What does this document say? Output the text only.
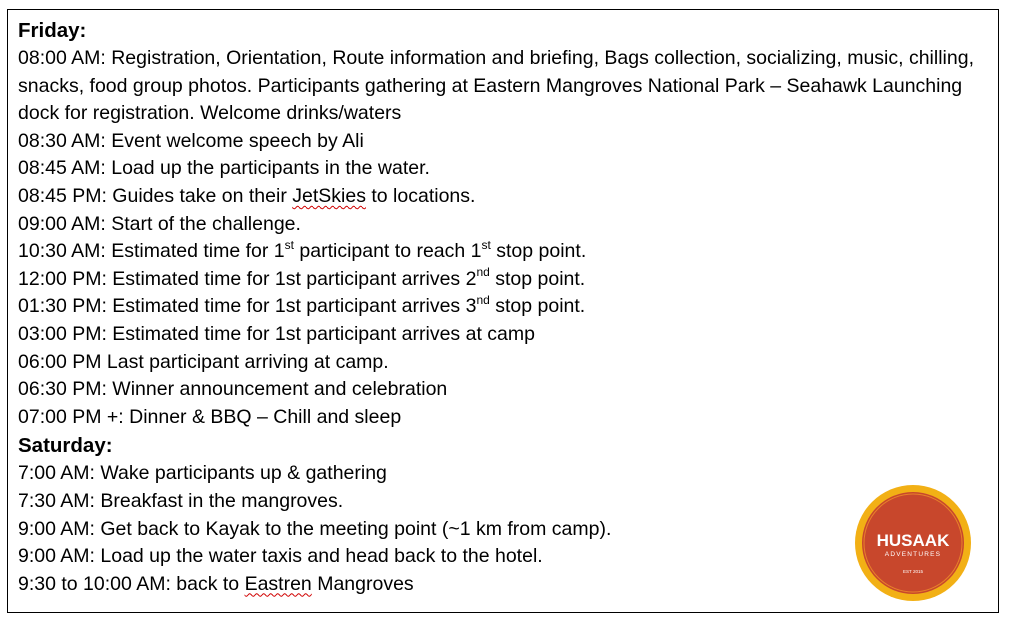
Friday:
08:00 AM: Registration, Orientation, Route information and briefing, Bags collection, socializing, music, chilling, snacks, food group photos. Participants gathering at Eastern Mangroves National Park – Seahawk Launching dock for registration. Welcome drinks/waters
08:30 AM: Event welcome speech by Ali
08:45 AM: Load up the participants in the water.
08:45 PM: Guides take on their JetSkies to locations.
09:00 AM: Start of the challenge.
10:30 AM: Estimated time for 1st participant to reach 1st stop point.
12:00 PM: Estimated time for 1st participant arrives 2nd stop point.
01:30 PM: Estimated time for 1st participant arrives 3nd stop point.
03:00 PM: Estimated time for 1st participant arrives at camp
06:00 PM Last participant arriving at camp.
06:30 PM: Winner announcement and celebration
07:00 PM +: Dinner & BBQ – Chill and sleep
Saturday:
7:00 AM: Wake participants up & gathering
7:30 AM: Breakfast in the mangroves.
9:00 AM: Get back to Kayak to the meeting point (~1 km from camp).
9:00 AM: Load up the water taxis and head back to the hotel.
9:30 to 10:00 AM: back to Eastren Mangroves
HUSAAK
ADVENTURES
EST 2015
